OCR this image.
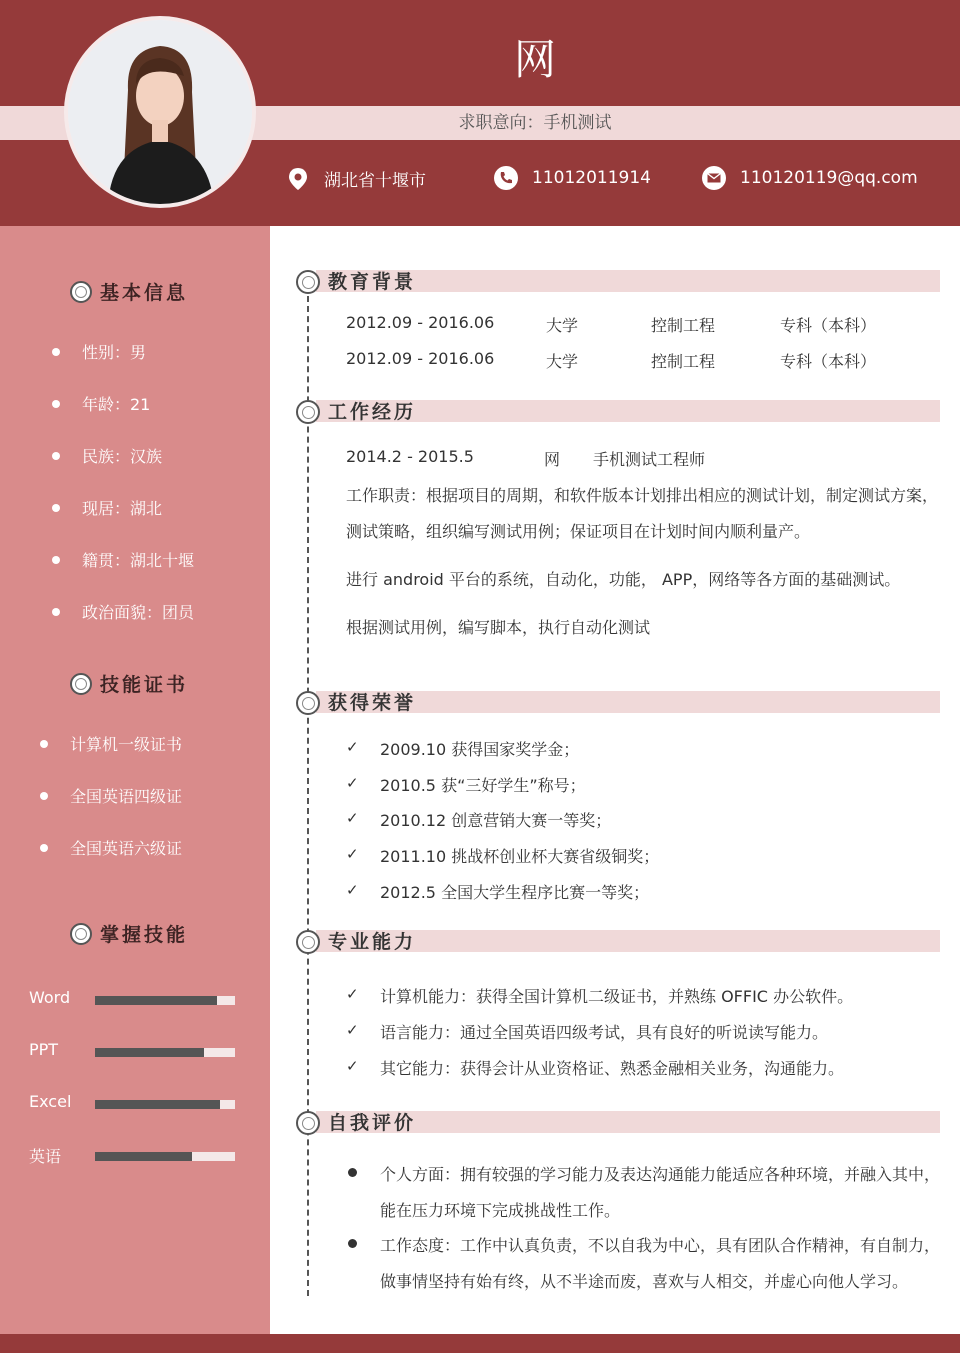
网
求职意向：手机测试
湖北省十堰市	11012011914	110120119@qq.com
基本信息
性别：男
年龄：21
民族：汉族
现居：湖北
籍贯：湖北十堰
政治面貌：团员
技能证书
计算机一级证书
全国英语四级证
全国英语六级证
掌握技能
Word
PPT
Excel
英语
教育背景
2012.09 - 2016.06	大学	控制工程	专科（本科）
2012.09 - 2016.06	大学	控制工程	专科（本科）
工作经历
2014.2 - 2015.5	网 手机测试工程师
工作职责：根据项目的周期，和软件版本计划排出相应的测试计划，制定测试方案，
测试策略，组织编写测试用例；保证项目在计划时间内顺利量产。
进行 android 平台的系统，自动化，功能， APP，网络等各方面的基础测试。
根据测试用例，编写脚本，执行自动化测试
获得荣誉
✓ 2009.10 获得国家奖学金；
✓ 2010.5 获“三好学生”称号；
✓ 2010.12 创意营销大赛一等奖；
✓ 2011.10 挑战杯创业杯大赛省级铜奖；
✓ 2012.5 全国大学生程序比赛一等奖；
专业能力
✓ 计算机能力：获得全国计算机二级证书，并熟练 OFFIC 办公软件。
✓ 语言能力：通过全国英语四级考试，具有良好的听说读写能力。
✓ 其它能力：获得会计从业资格证、熟悉金融相关业务，沟通能力。
自我评价
个人方面：拥有较强的学习能力及表达沟通能力能适应各种环境，并融入其中，
能在压力环境下完成挑战性工作。
工作态度：工作中认真负责，不以自我为中心，具有团队合作精神，有自制力，
做事情坚持有始有终，从不半途而废，喜欢与人相交，并虚心向他人学习。
